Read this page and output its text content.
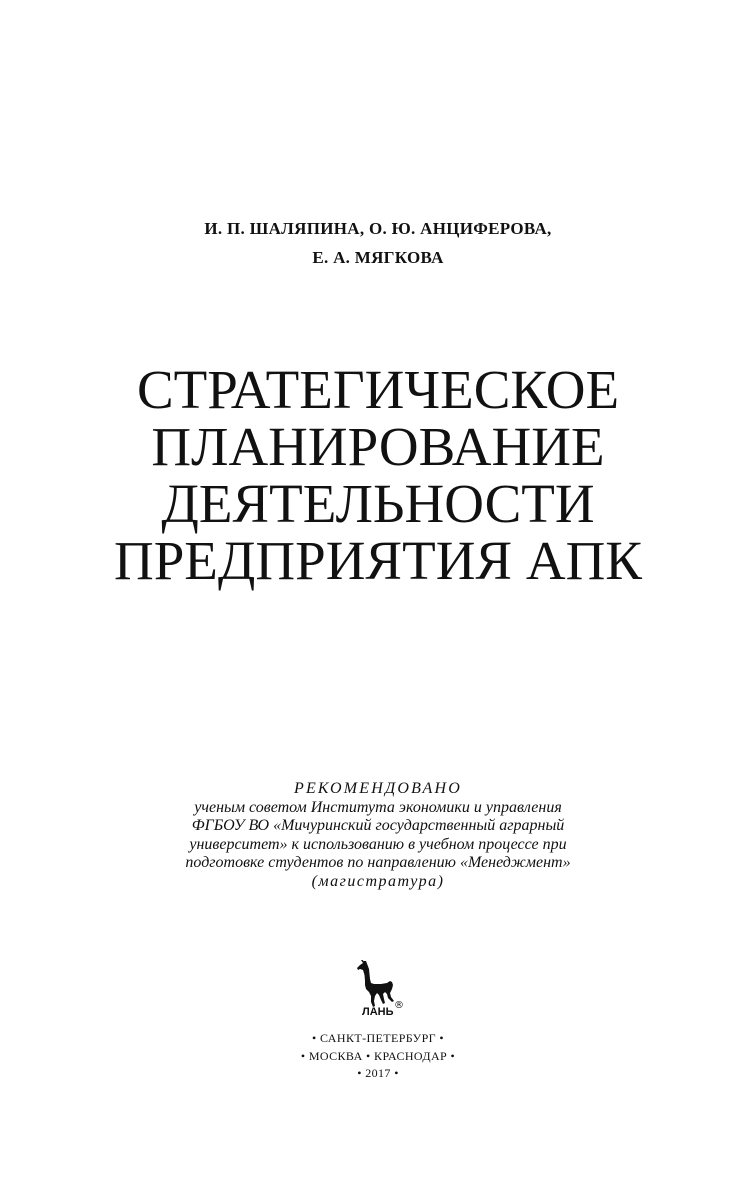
И. П. ШАЛЯПИНА, О. Ю. АНЦИФЕРОВА,
Е. А. МЯГКОВА
СТРАТЕГИЧЕСКОЕ
ПЛАНИРОВАНИЕ
ДЕЯТЕЛЬНОСТИ
ПРЕДПРИЯТИЯ АПК
РЕКОМЕНДОВАНО
ученым советом Института экономики и управления
ФГБОУ ВО «Мичуринский государственный аграрный
университет» к использованию в учебном процессе при
подготовке студентов по направлению «Менеджмент»
(магистратура)
ЛАНЬ
®
• САНКТ-ПЕТЕРБУРГ •
• МОСКВА • КРАСНОДАР •
• 2017 •
